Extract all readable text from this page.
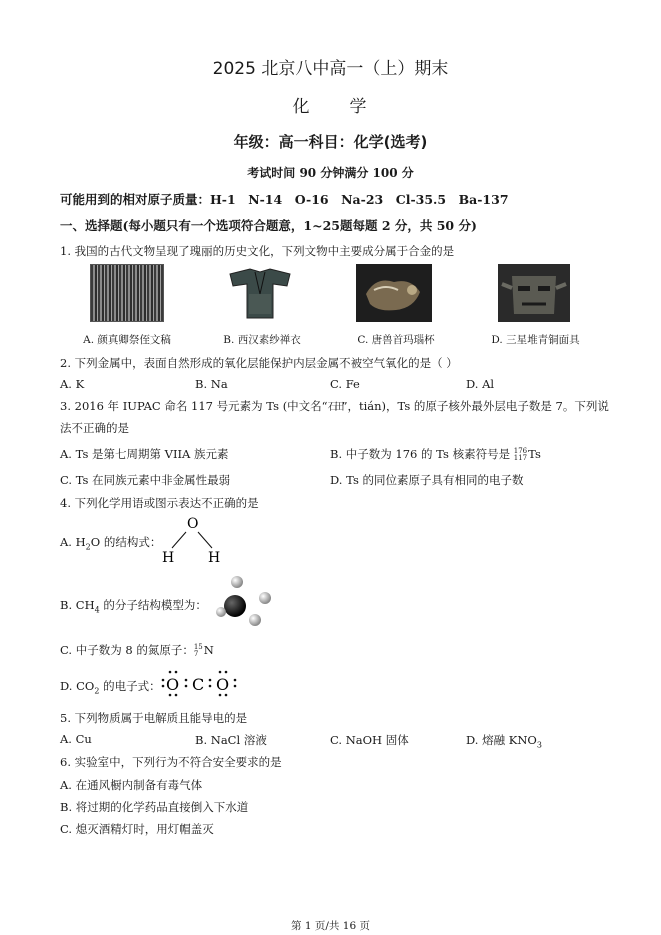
2025 北京八中高一（上）期末
化　　学
年级：高一科目：化学(选考)
考试时间 90 分钟满分 100 分
可能用到的相对原子质量：H-1　N-14　O-16　Na-23　Cl-35.5　Ba-137
一、选择题(每小题只有一个选项符合题意，1~25题每题 2 分，共 50 分)
1. 我国的古代文物呈现了瑰丽的历史文化，下列文物中主要成分属于合金的是
A. 颜真卿祭侄文稿	B. 西汉素纱禅衣	C. 唐兽首玛瑙杯	D. 三星堆青铜面具
2. 下列金属中，表面自然形成的氧化层能保护内层金属不被空气氧化的是（ ）
A. K	B. Na	C. Fe	D. Al
3. 2016 年 IUPAC 命名 117 号元素为 Ts (中文名“石田”，tián)，Ts 的原子核外最外层电子数是 7。下列说
法不正确的是
A. Ts 是第七周期第 VIIA 族元素	B. 中子数为 176 的 Ts 核素符号是 176
117 Ts
C. Ts 在同族元素中非金属性最弱	D. Ts 的同位素原子具有相同的电子数
4. 下列化学用语或图示表达不正确的是
A. $H_2O$ 的结构式：
O
H H
B. $CH_4$ 的分子结构模型为：
C. 中子数为 8 的氮原子： 15
7 N
D. $CO_2$ 的电子式： O C O
5. 下列物质属于电解质且能导电的是
A. Cu	B. NaCl 溶液	C. NaOH 固体	D. 熔融 $KNO_3$
6. 实验室中，下列行为不符合安全要求的是
A. 在通风橱内制备有毒气体
B. 将过期的化学药品直接倒入下水道
C. 熄灭酒精灯时，用灯帽盖灭
第 1 页/共 16 页
